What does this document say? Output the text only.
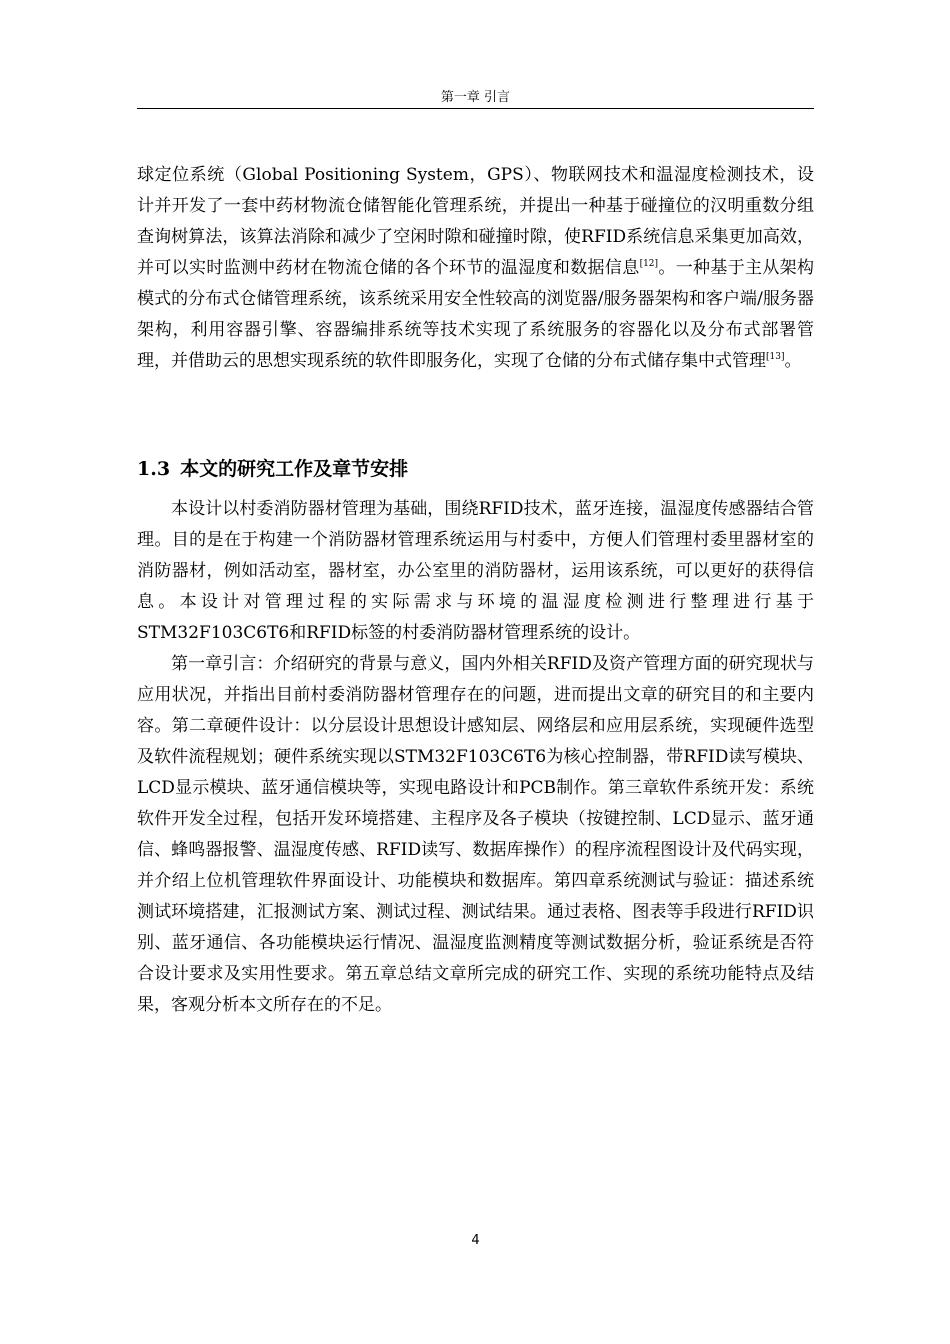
第一章 引言

球定位系统（Global Positioning System，GPS）、物联网技术和温湿度检测技术，设计并开发了一套中药材物流仓储智能化管理系统，并提出一种基于碰撞位的汉明重数分组查询树算法，该算法消除和减少了空闲时隙和碰撞时隙，使RFID系统信息采集更加高效，并可以实时监测中药材在物流仓储的各个环节的温湿度和数据信息[12]。一种基于主从架构模式的分布式仓储管理系统，该系统采用安全性较高的浏览器/服务器架构和客户端/服务器架构，利用容器引擎、容器编排系统等技术实现了系统服务的容器化以及分布式部署管理，并借助云的思想实现系统的软件即服务化，实现了仓储的分布式储存集中式管理[13]。

1.3 本文的研究工作及章节安排

本设计以村委消防器材管理为基础，围绕RFID技术，蓝牙连接，温湿度传感器结合管理。目的是在于构建一个消防器材管理系统运用与村委中，方便人们管理村委里器材室的消防器材，例如活动室，器材室，办公室里的消防器材，运用该系统，可以更好的获得信息。本设计对管理过程的实际需求与环境的温湿度检测进行整理进行基于STM32F103C6T6和RFID标签的村委消防器材管理系统的设计。

第一章引言：介绍研究的背景与意义，国内外相关RFID及资产管理方面的研究现状与应用状况，并指出目前村委消防器材管理存在的问题，进而提出文章的研究目的和主要内容。第二章硬件设计：以分层设计思想设计感知层、网络层和应用层系统，实现硬件选型及软件流程规划；硬件系统实现以STM32F103C6T6为核心控制器，带RFID读写模块、LCD显示模块、蓝牙通信模块等，实现电路设计和PCB制作。第三章软件系统开发：系统软件开发全过程，包括开发环境搭建、主程序及各子模块（按键控制、LCD显示、蓝牙通信、蜂鸣器报警、温湿度传感、RFID读写、数据库操作）的程序流程图设计及代码实现，并介绍上位机管理软件界面设计、功能模块和数据库。第四章系统测试与验证：描述系统测试环境搭建，汇报测试方案、测试过程、测试结果。通过表格、图表等手段进行RFID识别、蓝牙通信、各功能模块运行情况、温湿度监测精度等测试数据分析，验证系统是否符合设计要求及实用性要求。第五章总结文章所完成的研究工作、实现的系统功能特点及结果，客观分析本文所存在的不足。

4
